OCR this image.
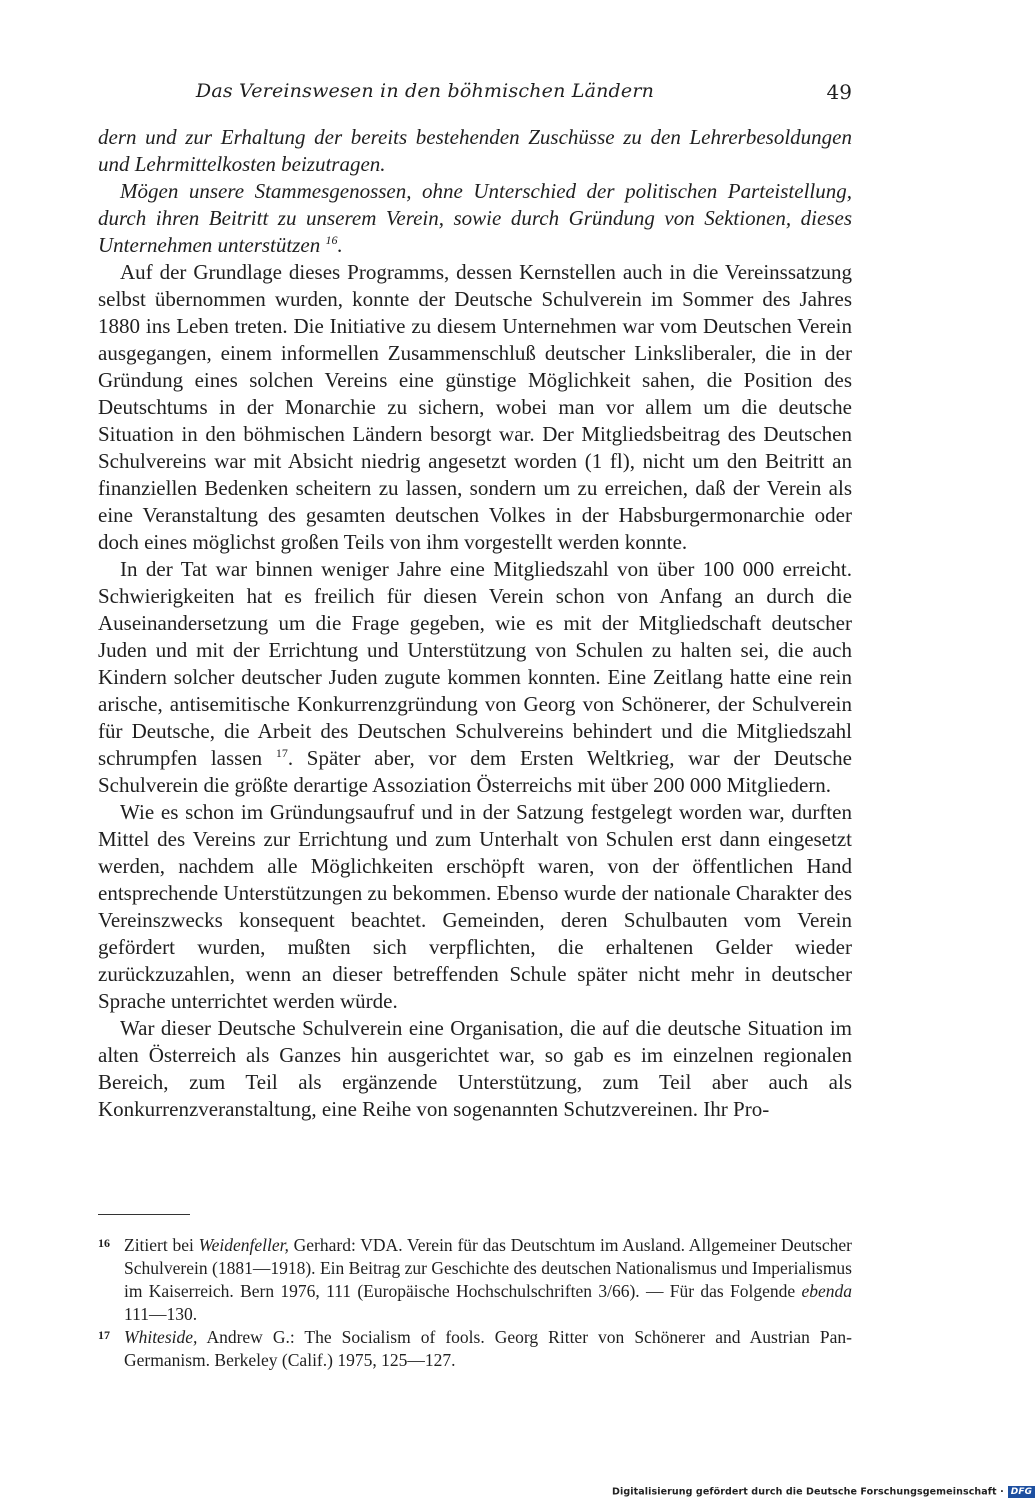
Das Vereinswesen in den böhmischen Ländern	49

dern und zur Erhaltung der bereits bestehenden Zuschüsse zu den Lehrerbesoldungen und Lehrmittelkosten beizutragen.

Mögen unsere Stammesgenossen, ohne Unterschied der politischen Parteistellung, durch ihren Beitritt zu unserem Verein, sowie durch Gründung von Sektionen, dieses Unternehmen unterstützen $^{16}$.

Auf der Grundlage dieses Programms, dessen Kernstellen auch in die Vereinssatzung selbst übernommen wurden, konnte der Deutsche Schulverein im Sommer des Jahres 1880 ins Leben treten. Die Initiative zu diesem Unternehmen war vom Deutschen Verein ausgegangen, einem informellen Zusammenschluß deutscher Linksliberaler, die in der Gründung eines solchen Vereins eine günstige Möglichkeit sahen, die Position des Deutschtums in der Monarchie zu sichern, wobei man vor allem um die deutsche Situation in den böhmischen Ländern besorgt war. Der Mitgliedsbeitrag des Deutschen Schulvereins war mit Absicht niedrig angesetzt worden (1 fl), nicht um den Beitritt an finanziellen Bedenken scheitern zu lassen, sondern um zu erreichen, daß der Verein als eine Veranstaltung des gesamten deutschen Volkes in der Habsburgermonarchie oder doch eines möglichst großen Teils von ihm vorgestellt werden konnte.

In der Tat war binnen weniger Jahre eine Mitgliedszahl von über 100 000 erreicht. Schwierigkeiten hat es freilich für diesen Verein schon von Anfang an durch die Auseinandersetzung um die Frage gegeben, wie es mit der Mitgliedschaft deutscher Juden und mit der Errichtung und Unterstützung von Schulen zu halten sei, die auch Kindern solcher deutscher Juden zugute kommen konnten. Eine Zeitlang hatte eine rein arische, antisemitische Konkurrenzgründung von Georg von Schönerer, der Schulverein für Deutsche, die Arbeit des Deutschen Schulvereins behindert und die Mitgliedszahl schrumpfen lassen $^{17}$. Später aber, vor dem Ersten Weltkrieg, war der Deutsche Schulverein die größte derartige Assoziation Österreichs mit über 200 000 Mitgliedern.

Wie es schon im Gründungsaufruf und in der Satzung festgelegt worden war, durften Mittel des Vereins zur Errichtung und zum Unterhalt von Schulen erst dann eingesetzt werden, nachdem alle Möglichkeiten erschöpft waren, von der öffentlichen Hand entsprechende Unterstützungen zu bekommen. Ebenso wurde der nationale Charakter des Vereinszwecks konsequent beachtet. Gemeinden, deren Schulbauten vom Verein gefördert wurden, mußten sich verpflichten, die erhaltenen Gelder wieder zurückzuzahlen, wenn an dieser betreffenden Schule später nicht mehr in deutscher Sprache unterrichtet werden würde.

War dieser Deutsche Schulverein eine Organisation, die auf die deutsche Situation im alten Österreich als Ganzes hin ausgerichtet war, so gab es im einzelnen regionalen Bereich, zum Teil als ergänzende Unterstützung, zum Teil aber auch als Konkurrenzveranstaltung, eine Reihe von sogenannten Schutzvereinen. Ihr Pro-

16 Zitiert bei Weidenfeller, Gerhard: VDA. Verein für das Deutschtum im Ausland. Allgemeiner Deutscher Schulverein (1881—1918). Ein Beitrag zur Geschichte des deutschen Nationalismus und Imperialismus im Kaiserreich. Bern 1976, 111 (Europäische Hochschulschriften 3/66). — Für das Folgende ebenda 111—130.

17 Whiteside, Andrew G.: The Socialism of fools. Georg Ritter von Schönerer and Austrian Pan-Germanism. Berkeley (Calif.) 1975, 125—127.

Digitalisierung gefördert durch die Deutsche Forschungsgemeinschaft · DFG
